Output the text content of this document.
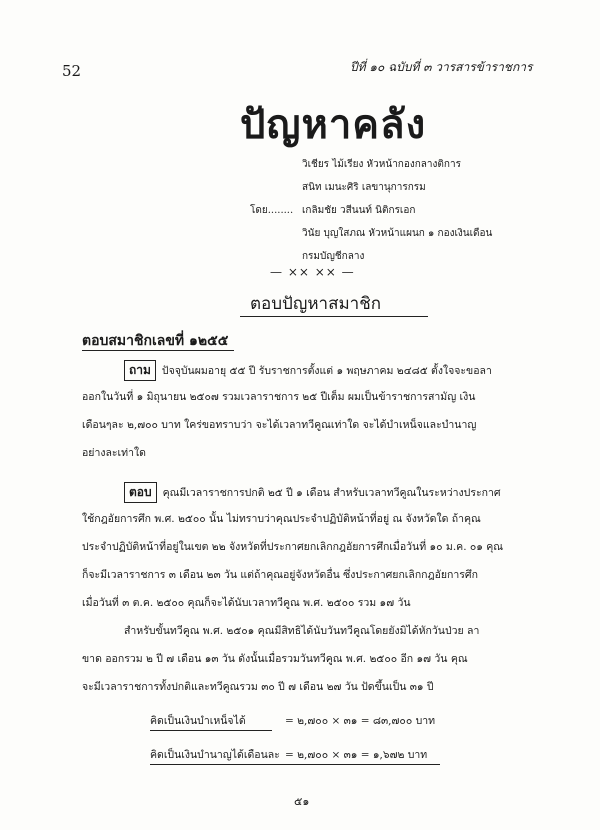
52	ปีที่ ๑๐ ฉบับที่ ๓ วารสารข้าราชการ
ปัญหาคลัง
วิเชียร ไม้เรียง หัวหน้ากองกลางติการ
สนิท เมนะศิริ เลขานุการกรม
โดย........ เกลิมชัย วสีนนท์ นิติกรเอก
วินัย บุญใสภณ หัวหน้าแผนก ๑ กองเงินเดือน
กรมบัญชีกลาง
— ×× ×× —
ตอบปัญหาสมาชิก
ตอบสมาชิกเลขที่ ๑๒๕๕
ถาม ปัจจุบันผมอายุ ๕๕ ปี รับราชการตั้งแต่ ๑ พฤษภาคม ๒๔๘๕ ตั้งใจจะขอลา
ออกในวันที่ ๑ มิถุนายน ๒๕๐๗ รวมเวลาราชการ ๒๕ ปีเต็ม ผมเป็นข้าราชการสามัญ เงิน
เดือนๆละ ๒,๗๐๐ บาท ใคร่ขอทราบว่า จะได้เวลาทวีคูณเท่าใด จะได้บำเหน็จและบำนาญ
อย่างละเท่าใด
ตอบ คุณมีเวลาราชการปกติ ๒๕ ปี ๑ เดือน สำหรับเวลาทวีคูณในระหว่างประกาศ
ใช้กฎอัยการศึก พ.ศ. ๒๕๐๐ นั้น ไม่ทราบว่าคุณประจำปฏิบัติหน้าที่อยู่ ณ จังหวัดใด ถ้าคุณ
ประจำปฏิบัติหน้าที่อยู่ในเขต ๒๒ จังหวัดที่ประกาศยกเลิกกฎอัยการศึกเมื่อวันที่ ๑๐ ม.ค. ๐๑ คุณ
ก็จะมีเวลาราชการ ๓ เดือน ๒๓ วัน แต่ถ้าคุณอยู่จังหวัดอื่น ซึ่งประกาศยกเลิกกฎอัยการศึก
เมื่อวันที่ ๓ ต.ค. ๒๕๐๐ คุณก็จะได้นับเวลาทวีคูณ พ.ศ. ๒๕๐๐ รวม ๑๗ วัน
สำหรับขั้นทวีคูณ พ.ศ. ๒๕๐๑ คุณมีสิทธิได้นับวันทวีคูณโดยยังมิได้หักวันป่วย ลา
ขาด ออกรวม ๒ ปี ๗ เดือน ๑๓ วัน ดังนั้นเมื่อรวมวันทวีคูณ พ.ศ. ๒๕๐๐ อีก ๑๗ วัน คุณ
จะมีเวลาราชการทั้งปกติและทวีคูณรวม ๓๐ ปี ๗ เดือน ๒๗ วัน ปัดขึ้นเป็น ๓๑ ปี
คิดเป็นเงินบำเหน็จได้	= ๒,๗๐๐ × ๓๑ = ๘๓,๗๐๐ บาท
คิดเป็นเงินบำนาญได้เดือนละ = ๒,๗๐๐ × ๓๑ = ๑,๖๗๒ บาท
๕๑
